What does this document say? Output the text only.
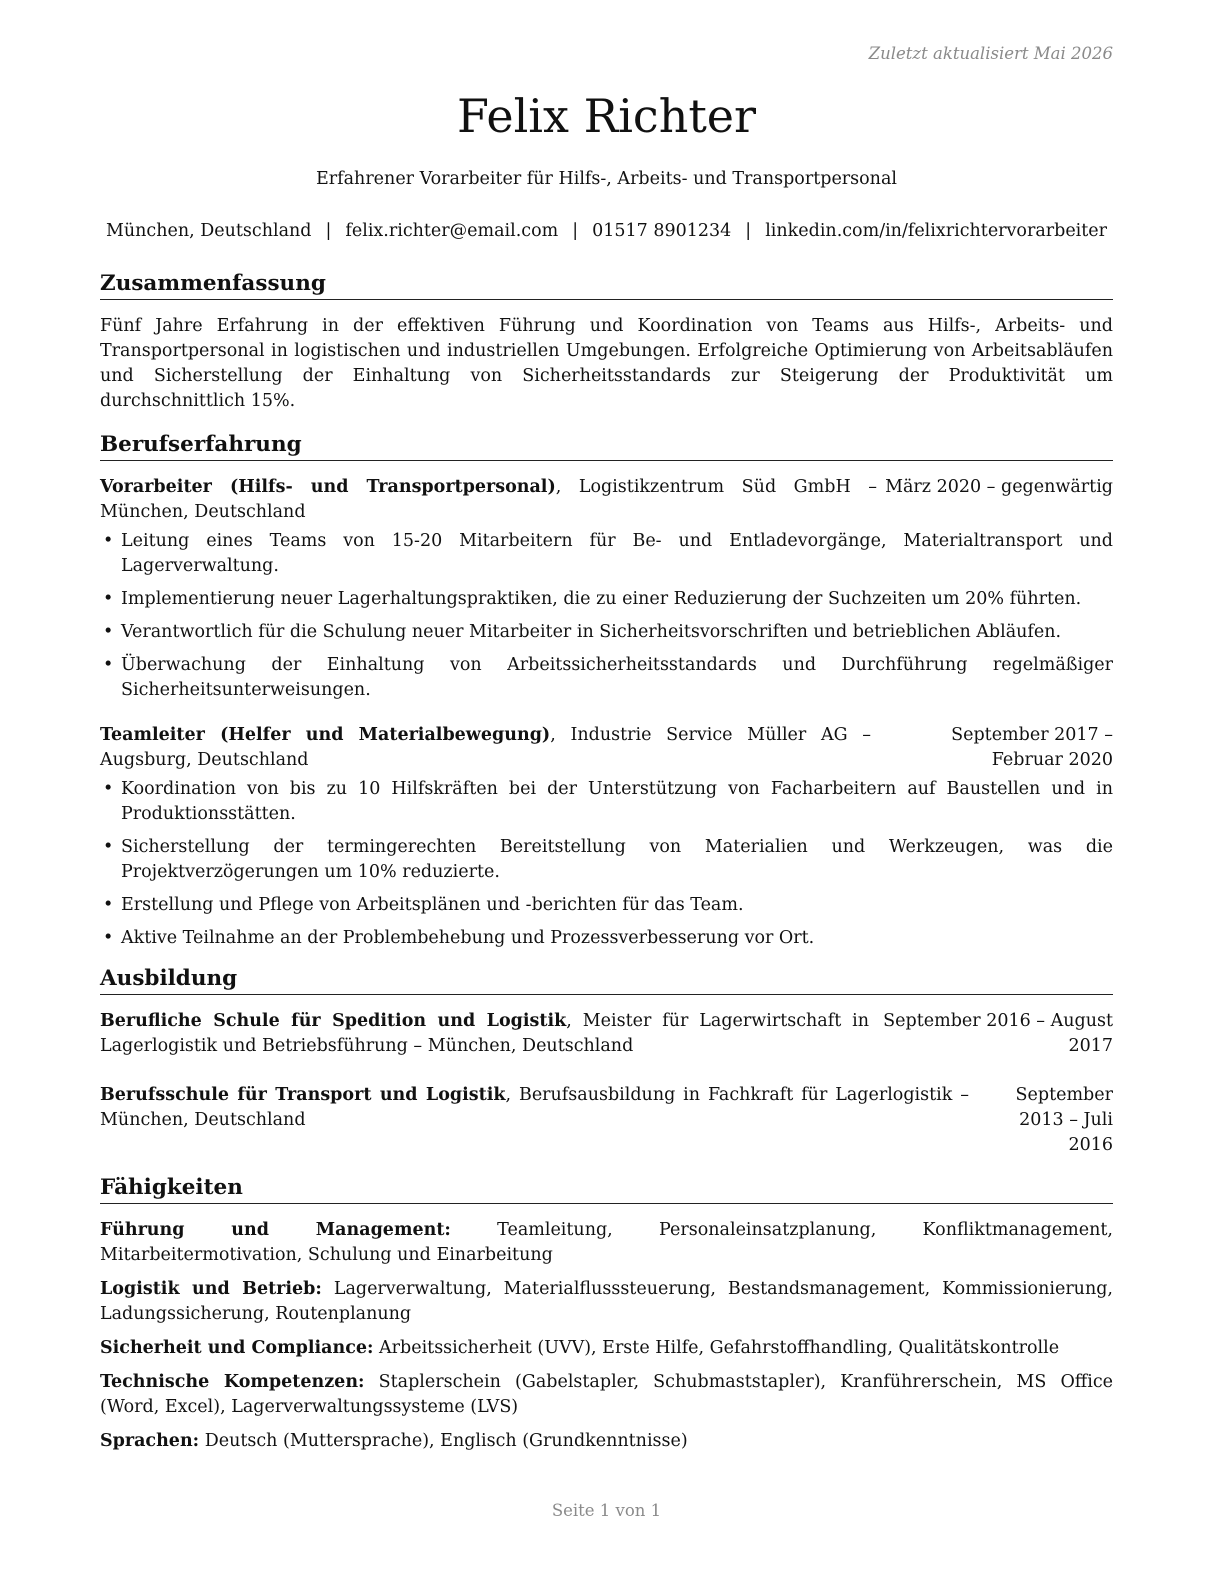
Zuletzt aktualisiert Mai 2026
Felix Richter
Erfahrener Vorarbeiter für Hilfs-, Arbeits- und Transportpersonal
München, Deutschland | felix.richter@email.com | 01517 8901234 | linkedin.com/in/felixrichtervorarbeiter
Zusammenfassung

Fünf Jahre Erfahrung in der effektiven Führung und Koordination von Teams aus Hilfs-, Arbeits- und Transportpersonal in logistischen und industriellen Umgebungen. Erfolgreiche Optimierung von Arbeitsabläufen und Sicherstellung der Einhaltung von Sicherheitsstandards zur Steigerung der Produktivität um durchschnittlich 15%.

Berufserfahrung
Vorarbeiter (Hilfs- und Transportpersonal), Logistikzentrum Süd GmbH – München, Deutschland
März 2020 – gegenwärtig
• Leitung eines Teams von 15-20 Mitarbeitern für Be- und Entladevorgänge, Materialtransport und Lagerverwaltung.
• Implementierung neuer Lagerhaltungspraktiken, die zu einer Reduzierung der Suchzeiten um 20% führten.
• Verantwortlich für die Schulung neuer Mitarbeiter in Sicherheitsvorschriften und betrieblichen Abläufen.
• Überwachung der Einhaltung von Arbeitssicherheitsstandards und Durchführung regelmäßiger Sicherheitsunterweisungen.
Teamleiter (Helfer und Materialbewegung), Industrie Service Müller AG – Augsburg, Deutschland
September 2017 – Februar 2020
• Koordination von bis zu 10 Hilfskräften bei der Unterstützung von Facharbeitern auf Baustellen und in Produktionsstätten.
• Sicherstellung der termingerechten Bereitstellung von Materialien und Werkzeugen, was die Projektverzögerungen um 10% reduzierte.
• Erstellung und Pflege von Arbeitsplänen und -berichten für das Team.
• Aktive Teilnahme an der Problembehebung und Prozessverbesserung vor Ort.
Ausbildung
Berufliche Schule für Spedition und Logistik, Meister für Lagerwirtschaft in Lagerlogistik und Betriebsführung – München, Deutschland
September 2016 – August 2017
Berufsschule für Transport und Logistik, Berufsausbildung in Fachkraft für Lagerlogistik – München, Deutschland
September 2013 – Juli 2016
Fähigkeiten

Führung und Management: Teamleitung, Personaleinsatzplanung, Konfliktmanagement, Mitarbeitermotivation, Schulung und Einarbeitung

Logistik und Betrieb: Lagerverwaltung, Materialflusssteuerung, Bestandsmanagement, Kommissionierung, Ladungssicherung, Routenplanung

Sicherheit und Compliance: Arbeitssicherheit (UVV), Erste Hilfe, Gefahrstoffhandling, Qualitätskontrolle

Technische Kompetenzen: Staplerschein (Gabelstapler, Schubmaststapler), Kranführerschein, MS Office (Word, Excel), Lagerverwaltungssysteme (LVS)

Sprachen: Deutsch (Muttersprache), Englisch (Grundkenntnisse)

Seite 1 von 1
